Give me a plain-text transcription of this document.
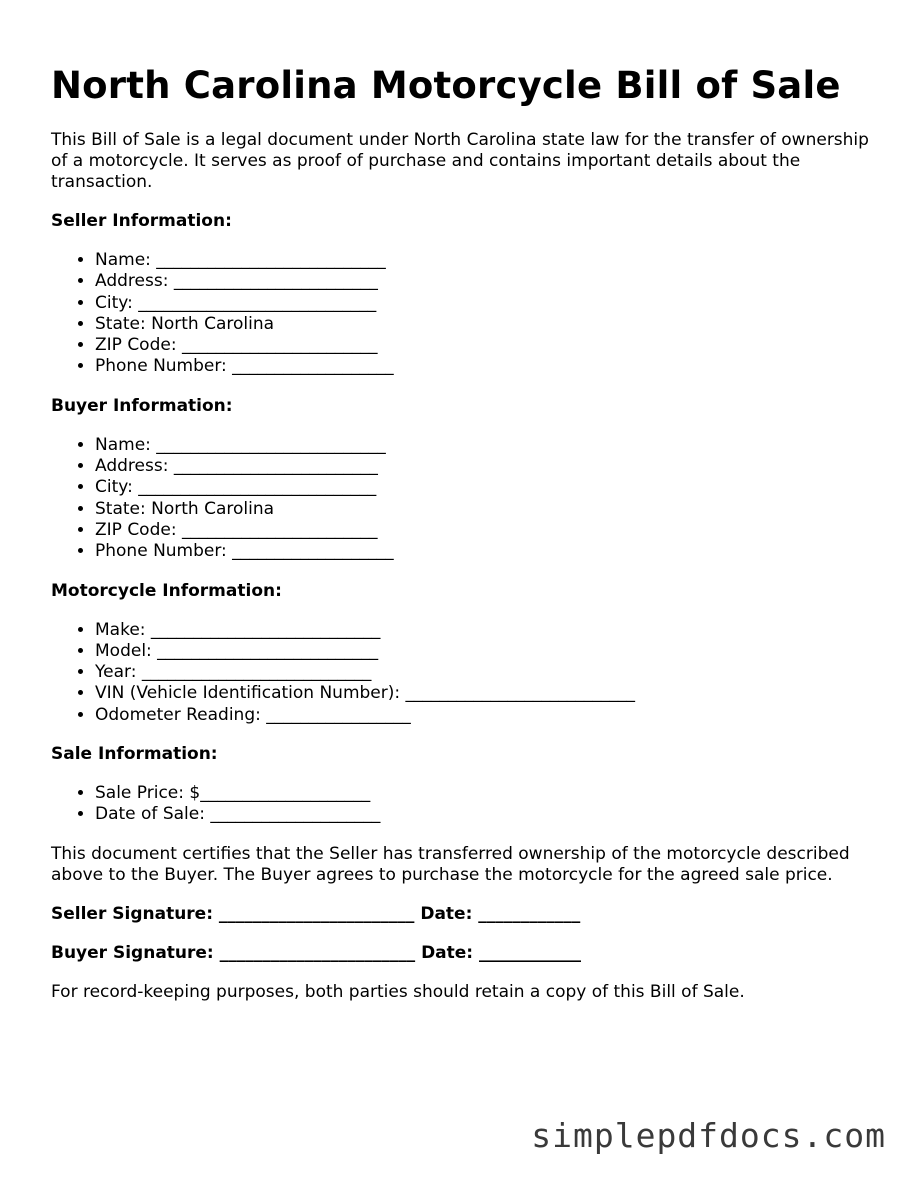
North Carolina Motorcycle Bill of Sale

This Bill of Sale is a legal document under North Carolina state law for the transfer of ownership of a motorcycle. It serves as proof of purchase and contains important details about the transaction.

Seller Information:
• Name: ___________________________
• Address: ________________________
• City: ____________________________
• State: North Carolina
• ZIP Code: _______________________
• Phone Number: ___________________
Buyer Information:
• Name: ___________________________
• Address: ________________________
• City: ____________________________
• State: North Carolina
• ZIP Code: _______________________
• Phone Number: ___________________
Motorcycle Information:
• Make: ___________________________
• Model: __________________________
• Year: ___________________________
• VIN (Vehicle Identification Number): ___________________________
• Odometer Reading: _________________
Sale Information:
• Sale Price: $____________________
• Date of Sale: ____________________

This document certifies that the Seller has transferred ownership of the motorcycle described above to the Buyer. The Buyer agrees to purchase the motorcycle for the agreed sale price.

Seller Signature: _______________________ Date: ____________
Buyer Signature: _______________________ Date: ____________

For record-keeping purposes, both parties should retain a copy of this Bill of Sale.

simplepdfdocs.com
